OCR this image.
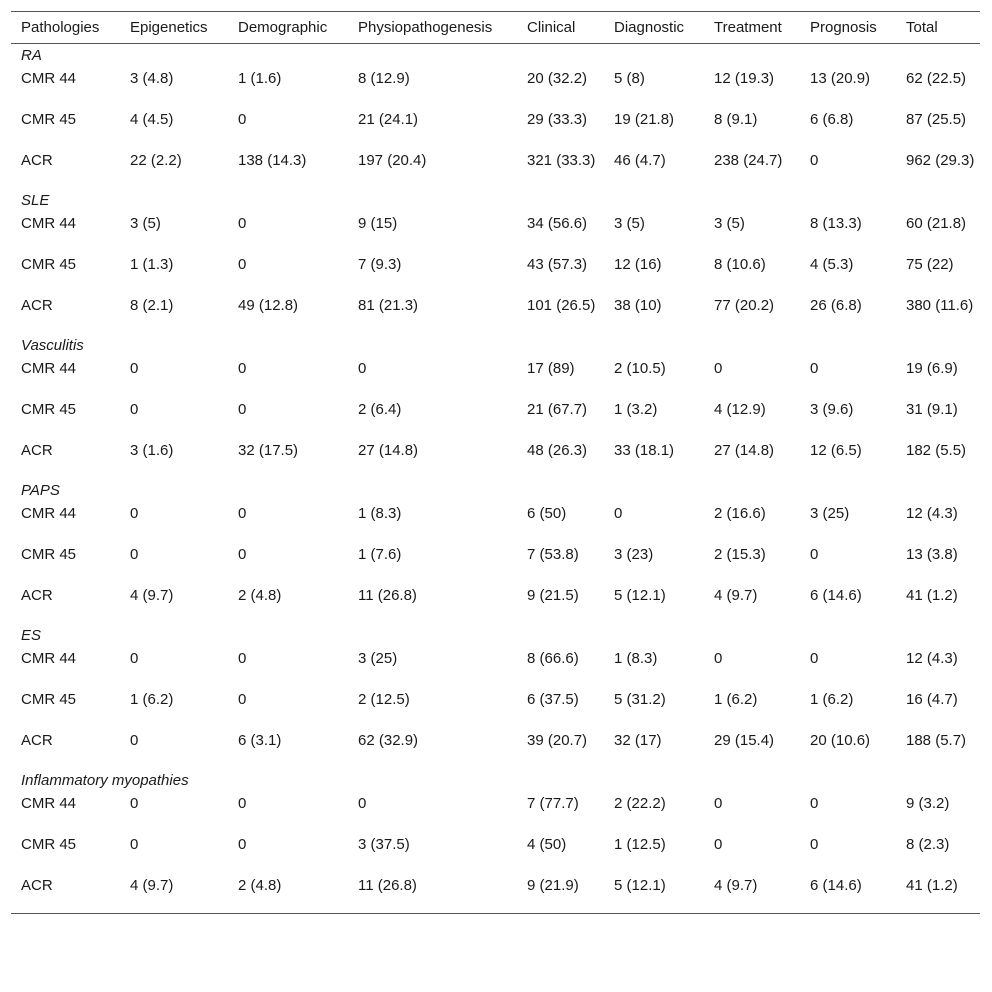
Pathologies	Epigenetics	Demographic	Physiopathogenesis	Clinical	Diagnostic	Treatment	Prognosis	Total
RA								
CMR 44	3 (4.8)	1 (1.6)	8 (12.9)	20 (32.2)	5 (8)	12 (19.3)	13 (20.9)	62 (22.5)
CMR 45	4 (4.5)	0	21 (24.1)	29 (33.3)	19 (21.8)	8 (9.1)	6 (6.8)	87 (25.5)
ACR	22 (2.2)	138 (14.3)	197 (20.4)	321 (33.3)	46 (4.7)	238 (24.7)	0	962 (29.3)
SLE								
CMR 44	3 (5)	0	9 (15)	34 (56.6)	3 (5)	3 (5)	8 (13.3)	60 (21.8)
CMR 45	1 (1.3)	0	7 (9.3)	43 (57.3)	12 (16)	8 (10.6)	4 (5.3)	75 (22)
ACR	8 (2.1)	49 (12.8)	81 (21.3)	101 (26.5)	38 (10)	77 (20.2)	26 (6.8)	380 (11.6)
Vasculitis								
CMR 44	0	0	0	17 (89)	2 (10.5)	0	0	19 (6.9)
CMR 45	0	0	2 (6.4)	21 (67.7)	1 (3.2)	4 (12.9)	3 (9.6)	31 (9.1)
ACR	3 (1.6)	32 (17.5)	27 (14.8)	48 (26.3)	33 (18.1)	27 (14.8)	12 (6.5)	182 (5.5)
PAPS								
CMR 44	0	0	1 (8.3)	6 (50)	0	2 (16.6)	3 (25)	12 (4.3)
CMR 45	0	0	1 (7.6)	7 (53.8)	3 (23)	2 (15.3)	0	13 (3.8)
ACR	4 (9.7)	2 (4.8)	11 (26.8)	9 (21.5)	5 (12.1)	4 (9.7)	6 (14.6)	41 (1.2)
ES								
CMR 44	0	0	3 (25)	8 (66.6)	1 (8.3)	0	0	12 (4.3)
CMR 45	1 (6.2)	0	2 (12.5)	6 (37.5)	5 (31.2)	1 (6.2)	1 (6.2)	16 (4.7)
ACR	0	6 (3.1)	62 (32.9)	39 (20.7)	32 (17)	29 (15.4)	20 (10.6)	188 (5.7)
Inflammatory myopathies								
CMR 44	0	0	0	7 (77.7)	2 (22.2)	0	0	9 (3.2)
CMR 45	0	0	3 (37.5)	4 (50)	1 (12.5)	0	0	8 (2.3)
ACR	4 (9.7)	2 (4.8)	11 (26.8)	9 (21.9)	5 (12.1)	4 (9.7)	6 (14.6)	41 (1.2)
